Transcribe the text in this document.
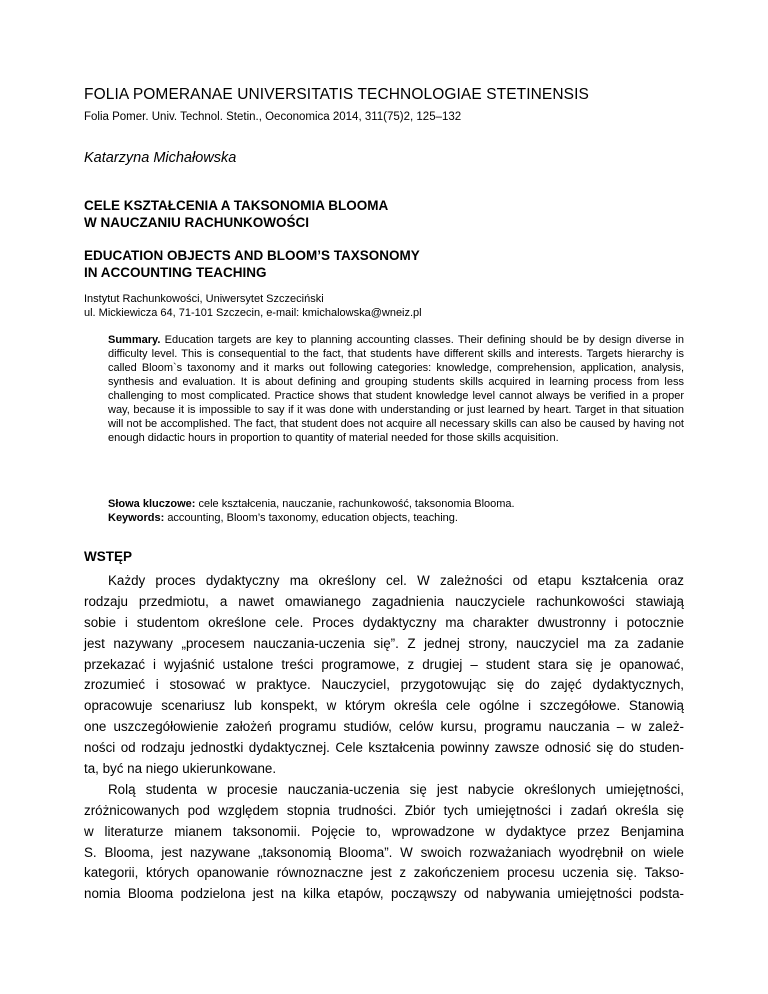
FOLIA POMERANAE UNIVERSITATIS TECHNOLOGIAE STETINENSIS
Folia Pomer. Univ. Technol. Stetin., Oeconomica 2014, 311(75)2, 125–132
Katarzyna Michałowska
CELE KSZTAŁCENIA A TAKSONOMIA BLOOMA
W NAUCZANIU RACHUNKOWOŚCI
EDUCATION OBJECTS AND BLOOM’S TAXSONOMY
IN ACCOUNTING TEACHING
Instytut Rachunkowości, Uniwersytet Szczeciński
ul. Mickiewicza 64, 71-101 Szczecin, e-mail: kmichalowska@wneiz.pl
Summary. Education targets are key to planning accounting classes. Their defining should be by design diverse in difficulty level. This is consequential to the fact, that students have different skills and interests. Targets hierarchy is called Bloom`s taxonomy and it marks out following categories: knowledge, comprehension, application, analysis, synthesis and evaluation. It is about defining and grouping students skills acquired in learning process from less challenging to most complicated. Practice shows that student knowledge level cannot always be verified in a proper way, because it is impossible to say if it was done with understanding or just learned by heart. Target in that situation will not be accomplished. The fact, that student does not acquire all necessary skills can also be caused by having not enough didactic hours in proportion to quantity of material needed for those skills acquisition.
Słowa kluczowe: cele kształcenia, nauczanie, rachunkowość, taksonomia Blooma.
Keywords: accounting, Bloom’s taxonomy, education objects, teaching.
WSTĘP
Każdy proces dydaktyczny ma określony cel. W zależności od etapu kształcenia oraz
rodzaju przedmiotu, a nawet omawianego zagadnienia nauczyciele rachunkowości stawiają
sobie i studentom określone cele. Proces dydaktyczny ma charakter dwustronny i potocznie
jest nazywany „procesem nauczania-uczenia się”. Z jednej strony, nauczyciel ma za zadanie
przekazać i wyjaśnić ustalone treści programowe, z drugiej – student stara się je opanować,
zrozumieć i stosować w praktyce. Nauczyciel, przygotowując się do zajęć dydaktycznych,
opracowuje scenariusz lub konspekt, w którym określa cele ogólne i szczegółowe. Stanowią
one uszczegółowienie założeń programu studiów, celów kursu, programu nauczania – w zależ-
ności od rodzaju jednostki dydaktycznej. Cele kształcenia powinny zawsze odnosić się do studen-
ta, być na niego ukierunkowane.
Rolą studenta w procesie nauczania-uczenia się jest nabycie określonych umiejętności,
zróżnicowanych pod względem stopnia trudności. Zbiór tych umiejętności i zadań określa się
w literaturze mianem taksonomii. Pojęcie to, wprowadzone w dydaktyce przez Benjamina
S. Blooma, jest nazywane „taksonomią Blooma”. W swoich rozważaniach wyodrębnił on wiele
kategorii, których opanowanie równoznaczne jest z zakończeniem procesu uczenia się. Takso-
nomia Blooma podzielona jest na kilka etapów, począwszy od nabywania umiejętności podsta-
